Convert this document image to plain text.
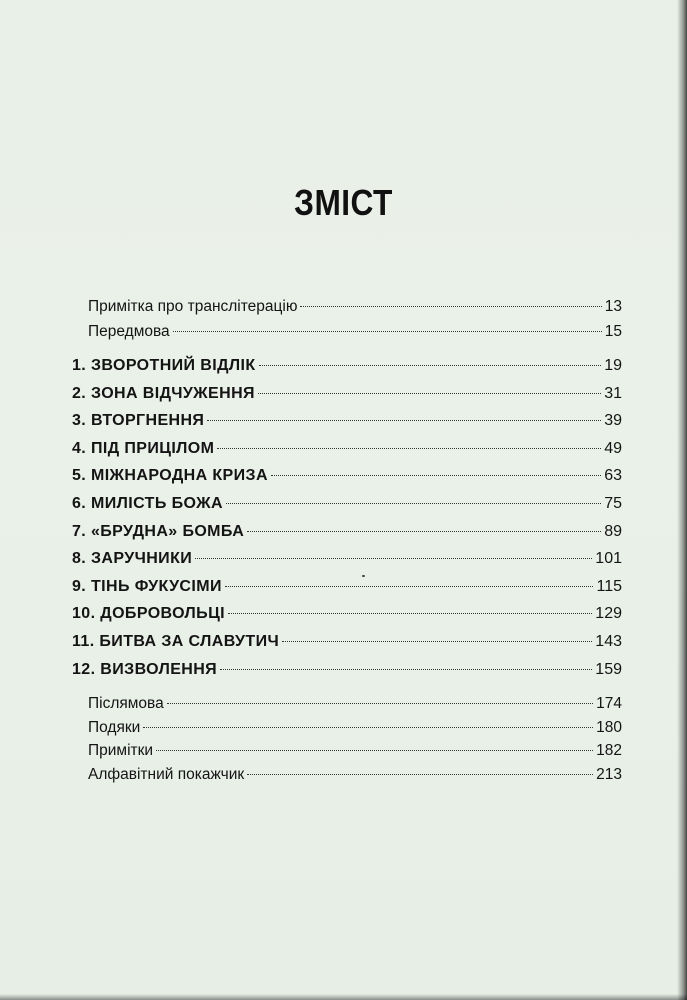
ЗМІСТ
Примітка про транслітерацію	13
Передмова	15
1. ЗВОРОТНИЙ ВІДЛІК	19
2. ЗОНА ВІДЧУЖЕННЯ	31
3. ВТОРГНЕННЯ	39
4. ПІД ПРИЦІЛОМ	49
5. МІЖНАРОДНА КРИЗА	63
6. МИЛІСТЬ БОЖА	75
7. «БРУДНА» БОМБА	89
8. ЗАРУЧНИКИ	101
9. ТІНЬ ФУКУСІМИ	115
10. ДОБРОВОЛЬЦІ	129
11. БИТВА ЗА СЛАВУТИЧ	143
12. ВИЗВОЛЕННЯ	159
Післямова	174
Подяки	180
Примітки	182
Алфавітний покажчик	213
